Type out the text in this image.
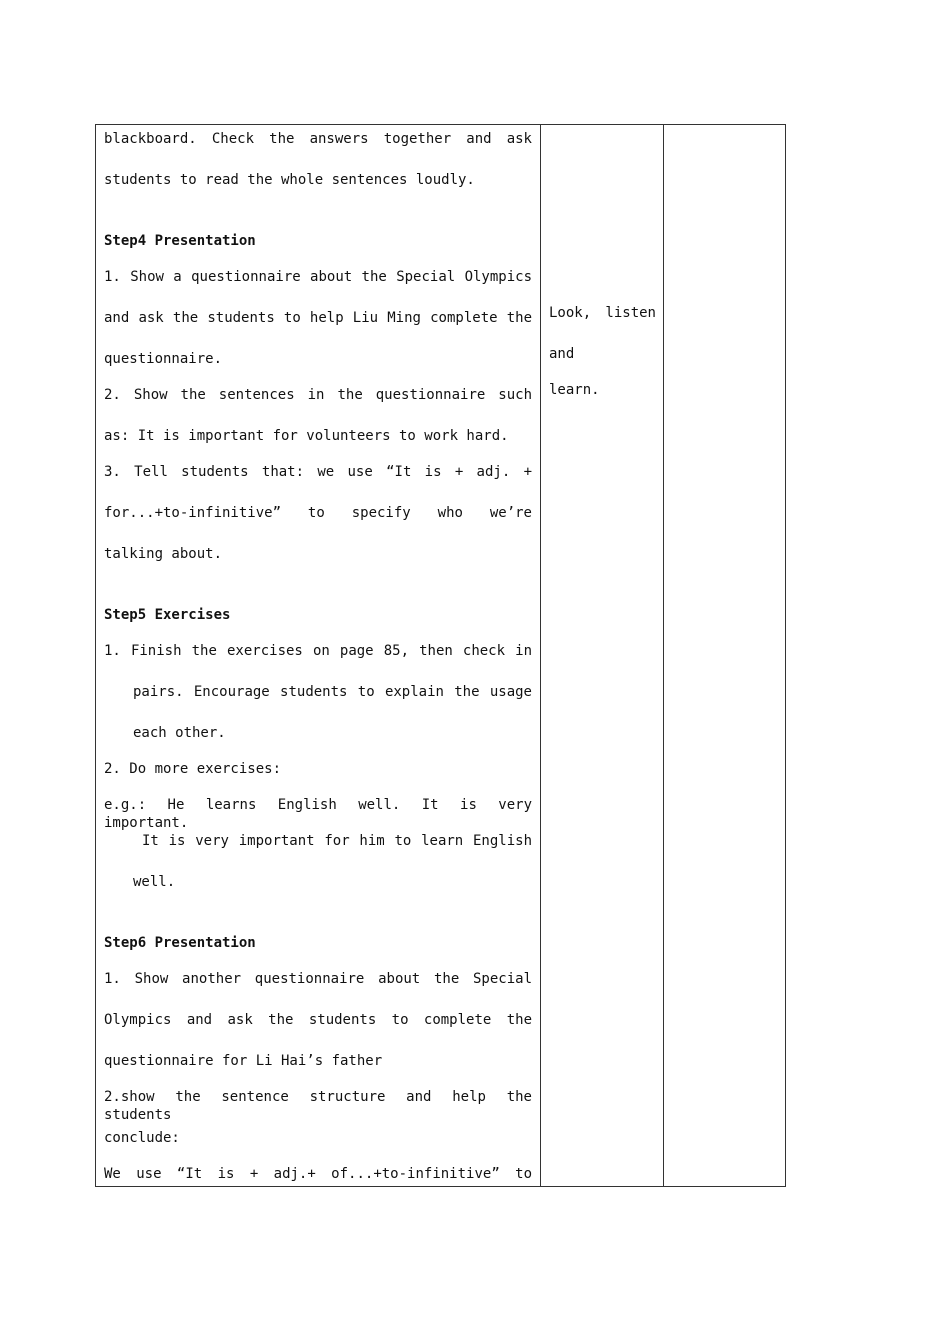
blackboard. Check the answers together and ask
students to read the whole sentences loudly.
Step4 Presentation
1. Show a questionnaire about the Special Olympics
and ask the students to help Liu Ming complete the
questionnaire.
2. Show the sentences in the questionnaire such
as: It is important for volunteers to work hard.
3. Tell students that: we use “It is + adj. +
for...+to-infinitive” to specify who we’re
talking about.
Step5 Exercises
1. Finish the exercises on page 85, then check in
pairs. Encourage students to explain the usage
each other.
2. Do more exercises:
e.g.: He learns English well. It is very important.
It is very important for him to learn English
well.
Step6 Presentation
1. Show another questionnaire about the Special
Olympics and ask the students to complete the
questionnaire for Li Hai’s father
2.show the sentence structure and help the students
conclude:
We use “It is + adj.+ of...+to-infinitive” to
Look, listen
and
learn.
